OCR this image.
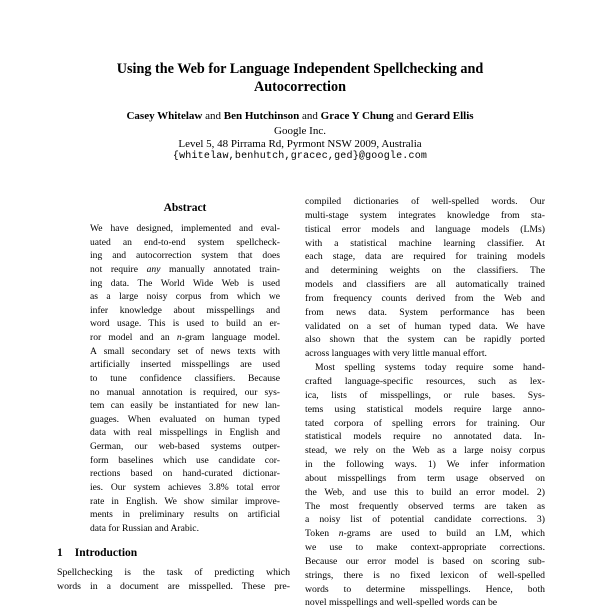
Using the Web for Language Independent Spellchecking and Autocorrection
Casey Whitelaw and Ben Hutchinson and Grace Y Chung and Gerard Ellis
Google Inc.
Level 5, 48 Pirrama Rd, Pyrmont NSW 2009, Australia
{whitelaw,benhutch,gracec,ged}@google.com
Abstract
We have designed, implemented and eval-
uated an end-to-end system spellcheck-
ing and autocorrection system that does
not require any manually annotated train-
ing data. The World Wide Web is used
as a large noisy corpus from which we
infer knowledge about misspellings and
word usage. This is used to build an er-
ror model and an n-gram language model.
A small secondary set of news texts with
artificially inserted misspellings are used
to tune confidence classifiers. Because
no manual annotation is required, our sys-
tem can easily be instantiated for new lan-
guages. When evaluated on human typed
data with real misspellings in English and
German, our web-based systems outper-
form baselines which use candidate cor-
rections based on hand-curated dictionar-
ies. Our system achieves 3.8% total error
rate in English. We show similar improve-
ments in preliminary results on artificial
data for Russian and Arabic.
1 Introduction
Spellchecking is the task of predicting which
words in a document are misspelled. These pre-
compiled dictionaries of well-spelled words. Our
multi-stage system integrates knowledge from sta-
tistical error models and language models (LMs)
with a statistical machine learning classifier. At
each stage, data are required for training models
and determining weights on the classifiers. The
models and classifiers are all automatically trained
from frequency counts derived from the Web and
from news data. System performance has been
validated on a set of human typed data. We have
also shown that the system can be rapidly ported
across languages with very little manual effort.
Most spelling systems today require some hand-
crafted language-specific resources, such as lex-
ica, lists of misspellings, or rule bases. Sys-
tems using statistical models require large anno-
tated corpora of spelling errors for training. Our
statistical models require no annotated data. In-
stead, we rely on the Web as a large noisy corpus
in the following ways. 1) We infer information
about misspellings from term usage observed on
the Web, and use this to build an error model. 2)
The most frequently observed terms are taken as
a noisy list of potential candidate corrections. 3)
Token n-grams are used to build an LM, which
we use to make context-appropriate corrections.
Because our error model is based on scoring sub-
strings, there is no fixed lexicon of well-spelled
words to determine misspellings. Hence, both
novel misspellings and well-spelled words can be
